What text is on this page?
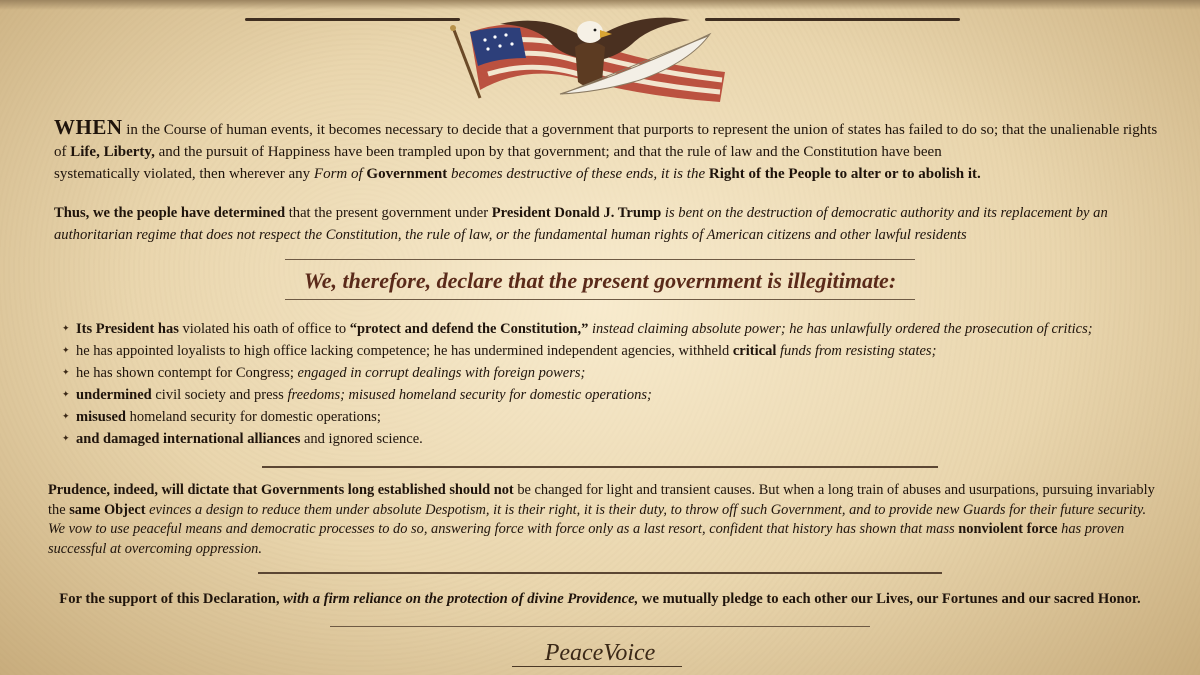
WHEN in the Course of human events, it becomes necessary to decide that a government that purports to represent the union of states has failed to do so; that the unalienable rights of Life, Liberty, and the pursuit of Happiness have been trampled upon by that government; and that the rule of law and the Constitution have been
systematically violated, then wherever any Form of Government becomes destructive of these ends, it is the Right of the People to alter or to abolish it.

Thus, we the people have determined that the present government under President Donald J. Trump is bent on the destruction of democratic authority and its replacement by an authoritarian regime that does not respect the Constitution, the rule of law, or the fundamental human rights of American citizens and other lawful residents

We, therefore, declare that the present government is illegitimate:
✦ Its President has violated his oath of office to “protect and defend the Constitution,” instead claiming absolute power; he has unlawfully ordered the prosecution of critics;
✦ he has appointed loyalists to high office lacking competence; he has undermined independent agencies, withheld critical funds from resisting states;
✦ he has shown contempt for Congress; engaged in corrupt dealings with foreign powers;
✦ undermined civil society and press freedoms; misused homeland security for domestic operations;
✦ misused homeland security for domestic operations;
✦ and damaged international alliances and ignored science.

Prudence, indeed, will dictate that Governments long established should not be changed for light and transient causes. But when a long train of abuses and usurpations, pursuing invariably the same Object evinces a design to reduce them under absolute Despotism, it is their right, it is their duty, to throw off such Government, and to provide new Guards for their future security. We vow to use peaceful means and democratic processes to do so, answering force with force only as a last resort, confident that history has shown that mass nonviolent force has proven successful at overcoming oppression.

For the support of this Declaration, with a firm reliance on the protection of divine Providence, we mutually pledge to each other our Lives, our Fortunes and our sacred Honor.

PeaceVoice
